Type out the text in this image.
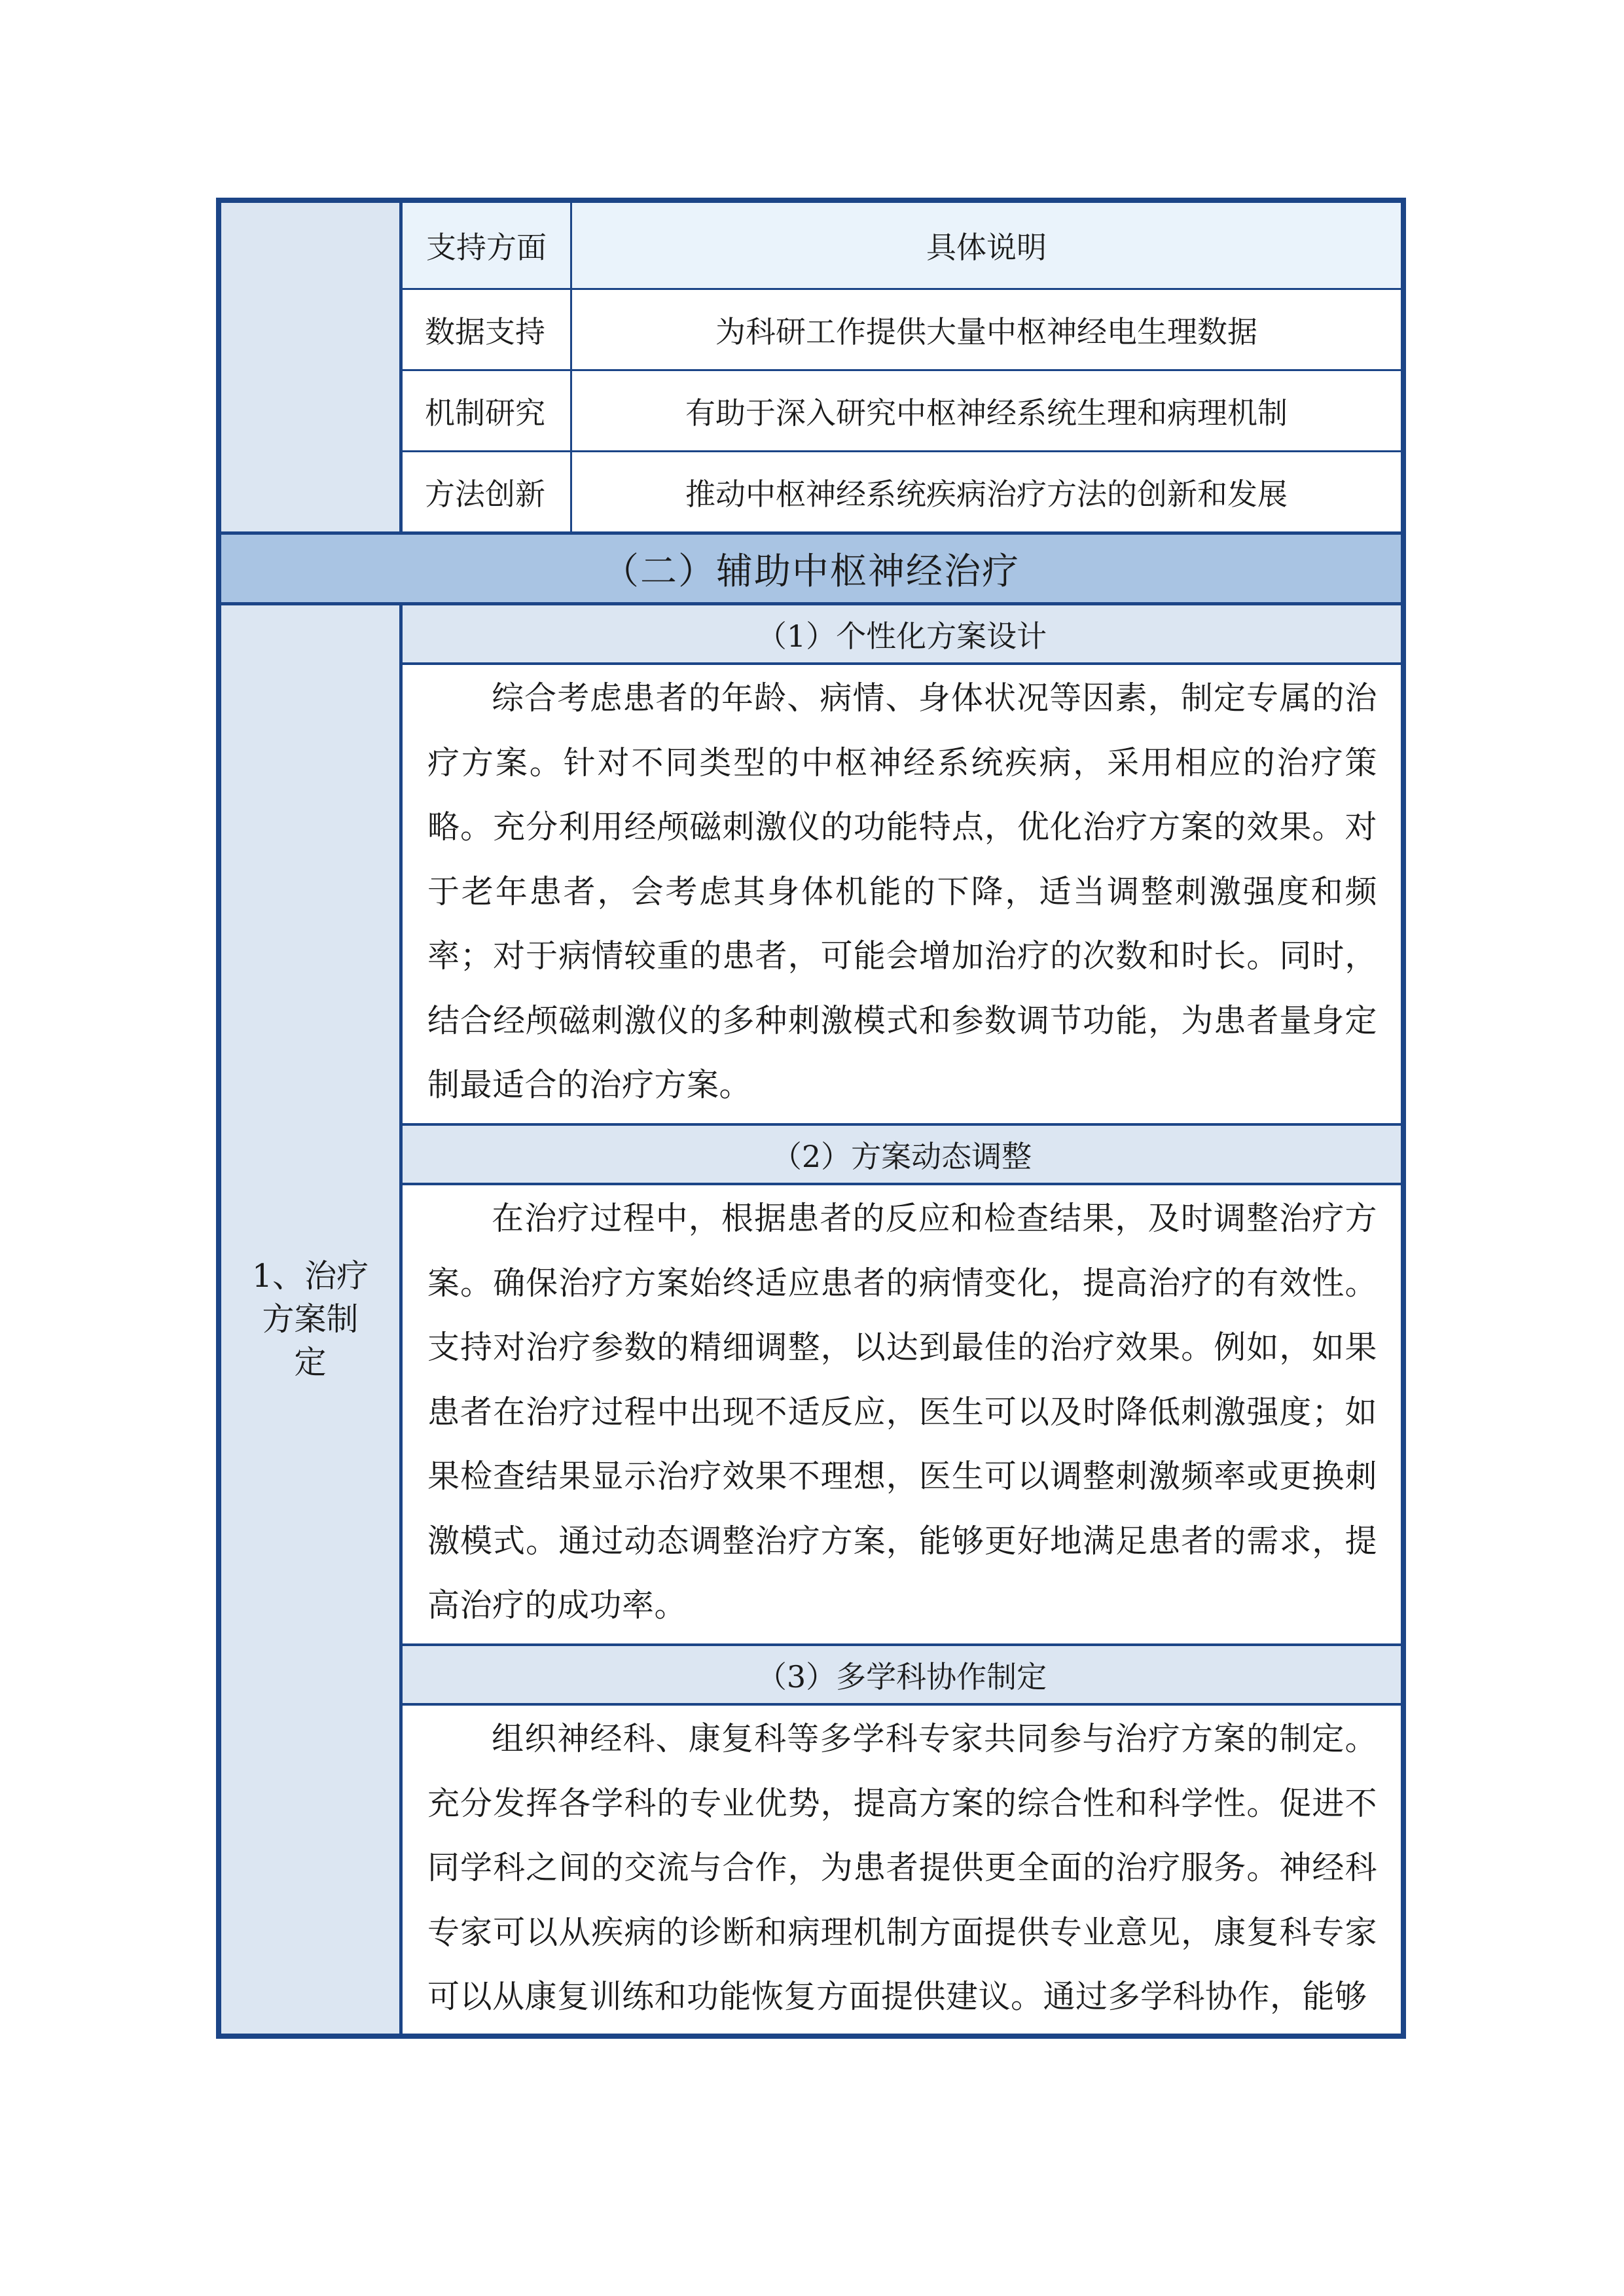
支持方面	具体说明
数据支持	为科研工作提供大量中枢神经电生理数据
机制研究	有助于深入研究中枢神经系统生理和病理机制
方法创新	推动中枢神经系统疾病治疗方法的创新和发展
（二）辅助中枢神经治疗
1、治疗
方案制
定
（1）个性化方案设计
综合考虑患者的年龄、病情、身体状况等因素，制定专属的治疗方案。针对不同类型的中枢神经系统疾病，采用相应的治疗策略。充分利用经颅磁刺激仪的功能特点，优化治疗方案的效果。对于老年患者，会考虑其身体机能的下降，适当调整刺激强度和频率；对于病情较重的患者，可能会增加治疗的次数和时长。同时，结合经颅磁刺激仪的多种刺激模式和参数调节功能，为患者量身定制最适合的治疗方案。
（2）方案动态调整
在治疗过程中，根据患者的反应和检查结果，及时调整治疗方案。确保治疗方案始终适应患者的病情变化，提高治疗的有效性。支持对治疗参数的精细调整，以达到最佳的治疗效果。例如，如果患者在治疗过程中出现不适反应，医生可以及时降低刺激强度；如果检查结果显示治疗效果不理想，医生可以调整刺激频率或更换刺激模式。通过动态调整治疗方案，能够更好地满足患者的需求，提高治疗的成功率。
（3）多学科协作制定
组织神经科、康复科等多学科专家共同参与治疗方案的制定。充分发挥各学科的专业优势，提高方案的综合性和科学性。促进不同学科之间的交流与合作，为患者提供更全面的治疗服务。神经科专家可以从疾病的诊断和病理机制方面提供专业意见，康复科专家可以从康复训练和功能恢复方面提供建议。通过多学科协作，能够
